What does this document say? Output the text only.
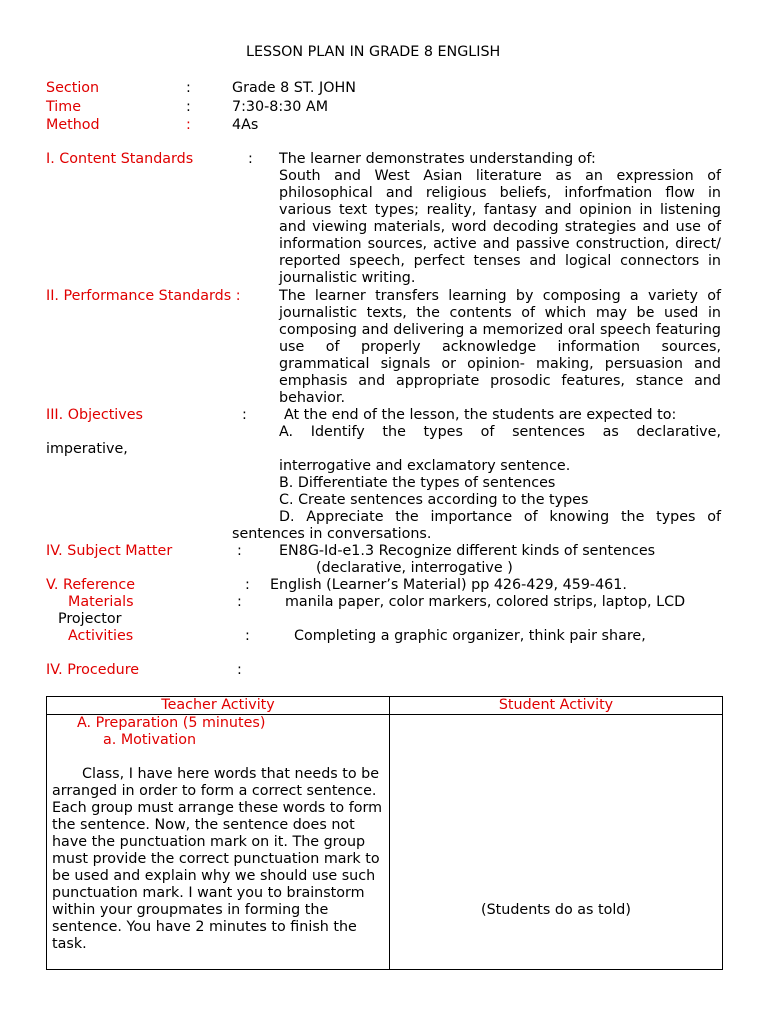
LESSON PLAN IN GRADE 8 ENGLISH
Section	:	Grade 8 ST. JOHN
Time	:	7:30-8:30 AM
Method	:	4As
I. Content Standards	: The learner demonstrates understanding of:
South and West Asian literature as an expression of philosophical and religious beliefs, inforfmation flow in various text types; reality, fantasy and opinion in listening and viewing materials, word decoding strategies and use of information sources, active and passive construction, direct/ reported speech, perfect tenses and logical connectors in journalistic writing.
II. Performance Standards :	The learner transfers learning by composing a variety of journalistic texts, the contents of which may be used in composing and delivering a memorized oral speech featuring use of properly acknowledge information sources, grammatical signals or opinion- making, persuasion and emphasis and appropriate prosodic features, stance and behavior.
III. Objectives	:	At the end of the lesson, the students are expected to:
A. Identify the types of sentences as declarative,
imperative,
interrogative and exclamatory sentence.
B. Differentiate the types of sentences
C. Create sentences according to the types
D. Appreciate the importance of knowing the types of
sentences in conversations.
IV. Subject Matter	:	EN8G-Id-e1.3 Recognize different kinds of sentences
(declarative, interrogative )
V. Reference	: English (Learner’s Material) pp 426-429, 459-461.
Materials	:	manila paper, color markers, colored strips, laptop, LCD
Projector
Activities	:	Completing a graphic organizer, think pair share,
IV. Procedure	:
Teacher Activity	Student Activity

A. Preparation (5 minutes)
a. Motivation
Class, I have here words that needs to be arranged in order to form a correct sentence. Each group must arrange these words to form the sentence. Now, the sentence does not have the punctuation mark on it. The group must provide the correct punctuation mark to be used and explain why we should use such punctuation mark. I want you to brainstorm within your groupmates in forming the sentence. You have 2 minutes to finish the task.	(Students do as told)
